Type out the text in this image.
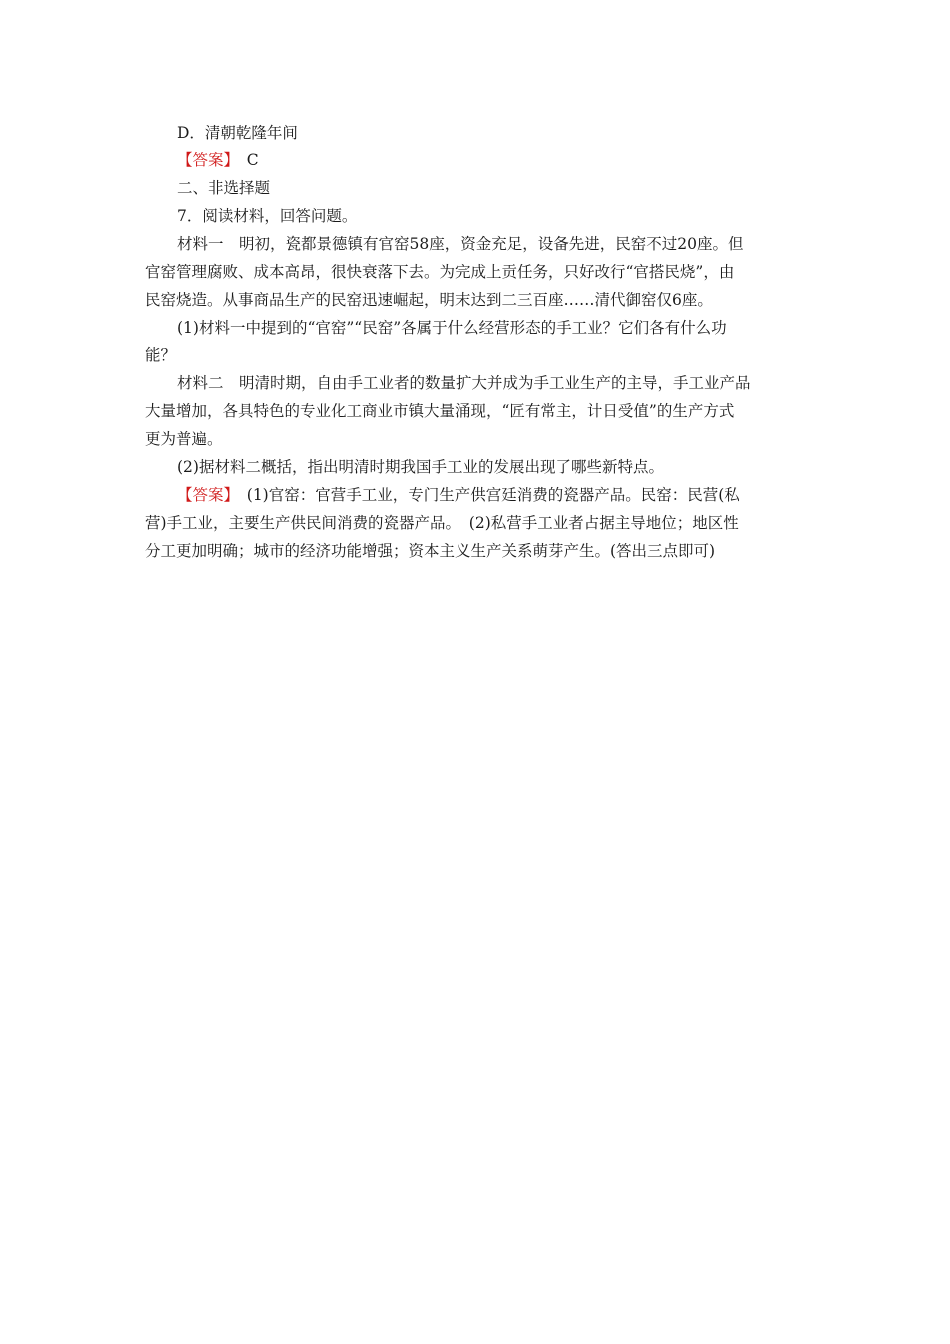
D．清朝乾隆年间
【答案】　C
二、非选择题
7．阅读材料，回答问题。
材料一　明初，瓷都景德镇有官窑58座，资金充足，设备先进，民窑不过20座。但
官窑管理腐败、成本高昂，很快衰落下去。为完成上贡任务，只好改行“官搭民烧”，由
民窑烧造。从事商品生产的民窑迅速崛起，明末达到二三百座……清代御窑仅6座。
(1)材料一中提到的“官窑”“民窑”各属于什么经营形态的手工业？它们各有什么功
能？
材料二　明清时期，自由手工业者的数量扩大并成为手工业生产的主导，手工业产品
大量增加，各具特色的专业化工商业市镇大量涌现，“匠有常主，计日受值”的生产方式
更为普遍。
(2)据材料二概括，指出明清时期我国手工业的发展出现了哪些新特点。
【答案】　(1)官窑：官营手工业，专门生产供宫廷消费的瓷器产品。民窑：民营(私
营)手工业，主要生产供民间消费的瓷器产品。　(2)私营手工业者占据主导地位；地区性
分工更加明确；城市的经济功能增强；资本主义生产关系萌芽产生。(答出三点即可)
